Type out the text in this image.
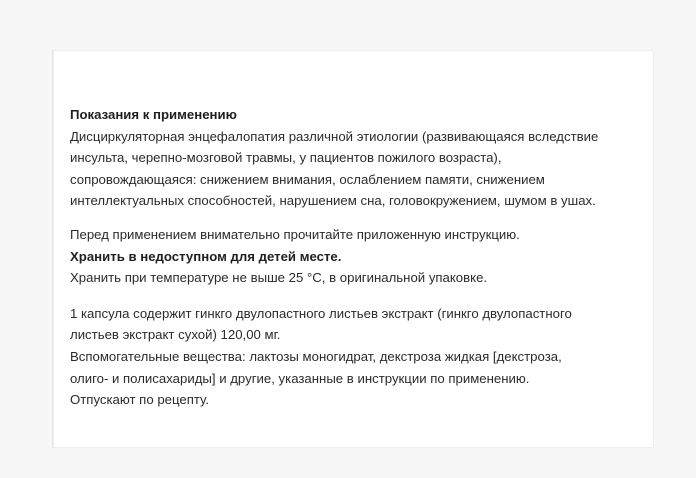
Показания к применению

Дисциркуляторная энцефалопатия различной этиологии (развивающаяся вследствие

инсульта, черепно-мозговой травмы, у пациентов пожилого возраста),

сопровождающаяся: снижением внимания, ослаблением памяти, снижением

интеллектуальных способностей, нарушением сна, головокружением, шумом в ушах.

Перед применением внимательно прочитайте приложенную инструкцию.

Хранить в недоступном для детей месте.

Хранить при температуре не выше 25 °С, в оригинальной упаковке.

1 капсула содержит гинкго двулопастного листьев экстракт (гинкго двулопастного

листьев экстракт сухой) 120,00 мг.

Вспомогательные вещества: лактозы моногидрат, декстроза жидкая [декстроза,

олиго- и полисахариды] и другие, указанные в инструкции по применению.

Отпускают по рецепту.
